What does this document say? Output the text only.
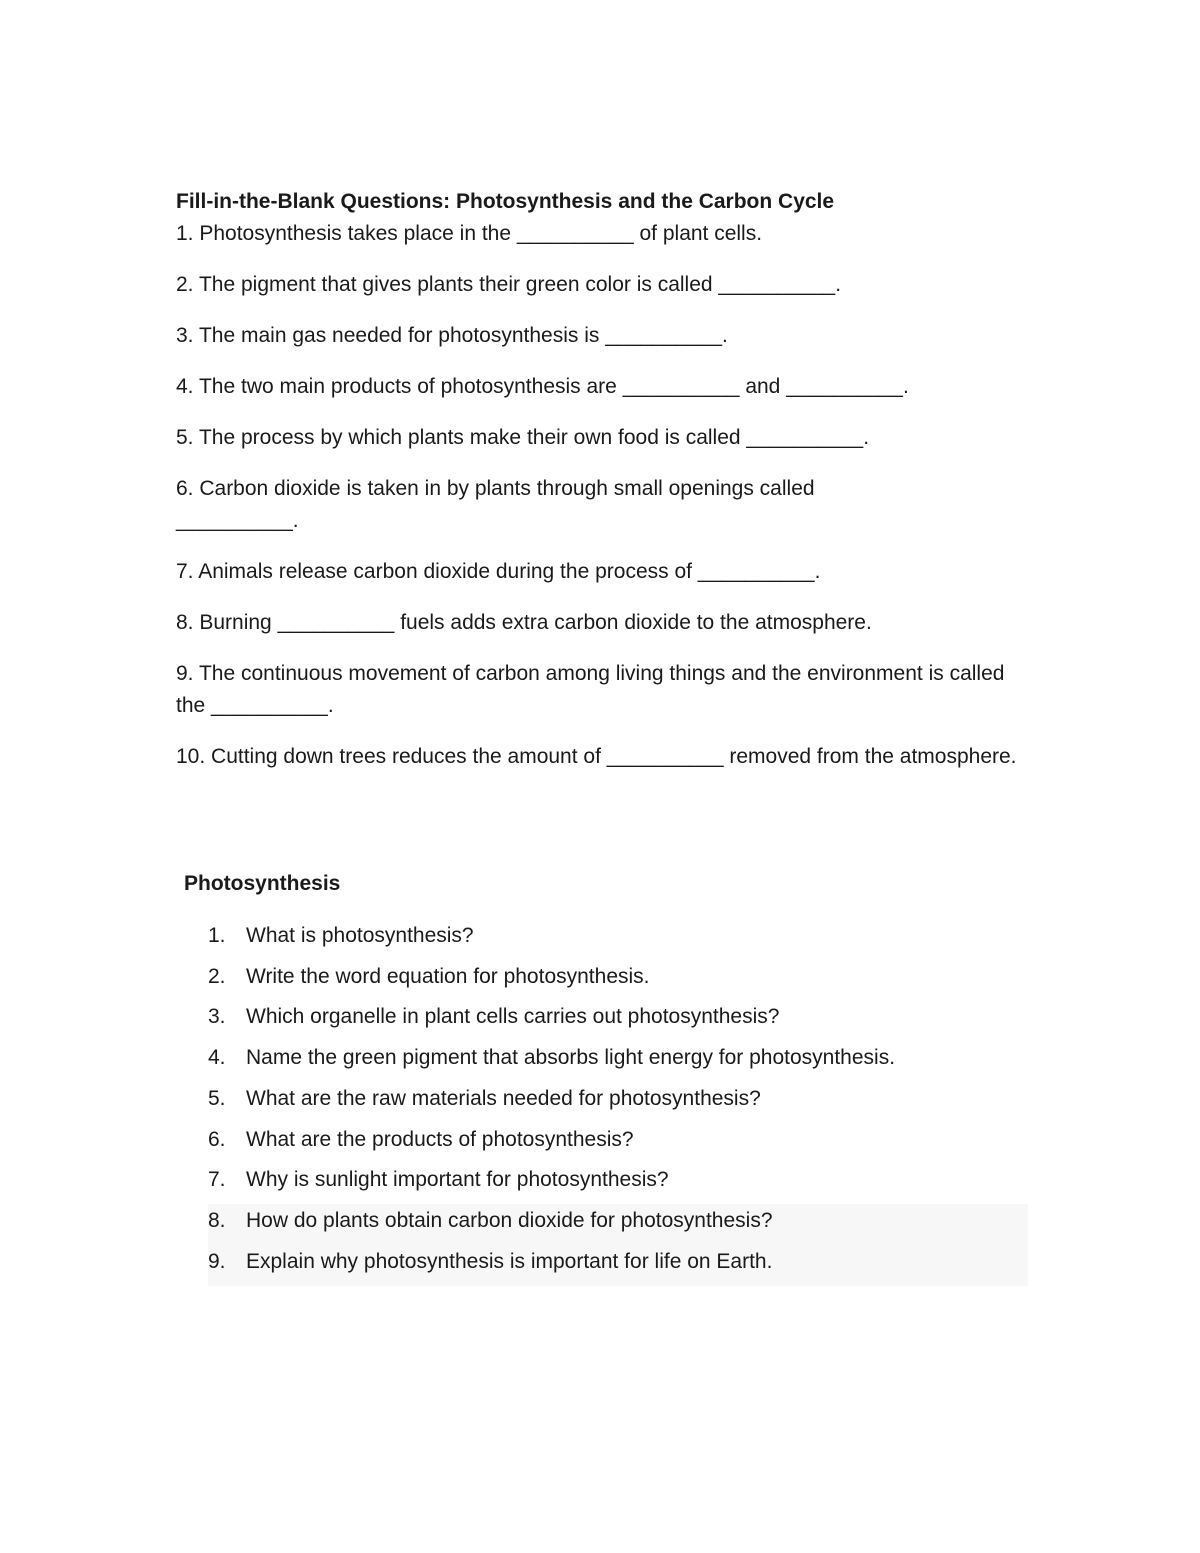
Fill-in-the-Blank Questions: Photosynthesis and the Carbon Cycle

1. Photosynthesis takes place in the __________ of plant cells.

2. The pigment that gives plants their green color is called __________.

3. The main gas needed for photosynthesis is __________.

4. The two main products of photosynthesis are __________ and __________.

5. The process by which plants make their own food is called __________.

6. Carbon dioxide is taken in by plants through small openings called __________.

7. Animals release carbon dioxide during the process of __________.

8. Burning __________ fuels adds extra carbon dioxide to the atmosphere.

9. The continuous movement of carbon among living things and the environment is called the __________.

10. Cutting down trees reduces the amount of __________ removed from the atmosphere.

Photosynthesis

1. What is photosynthesis?
2. Write the word equation for photosynthesis.
3. Which organelle in plant cells carries out photosynthesis?
4. Name the green pigment that absorbs light energy for photosynthesis.
5. What are the raw materials needed for photosynthesis?
6. What are the products of photosynthesis?
7. Why is sunlight important for photosynthesis?
8. How do plants obtain carbon dioxide for photosynthesis?
9. Explain why photosynthesis is important for life on Earth.
